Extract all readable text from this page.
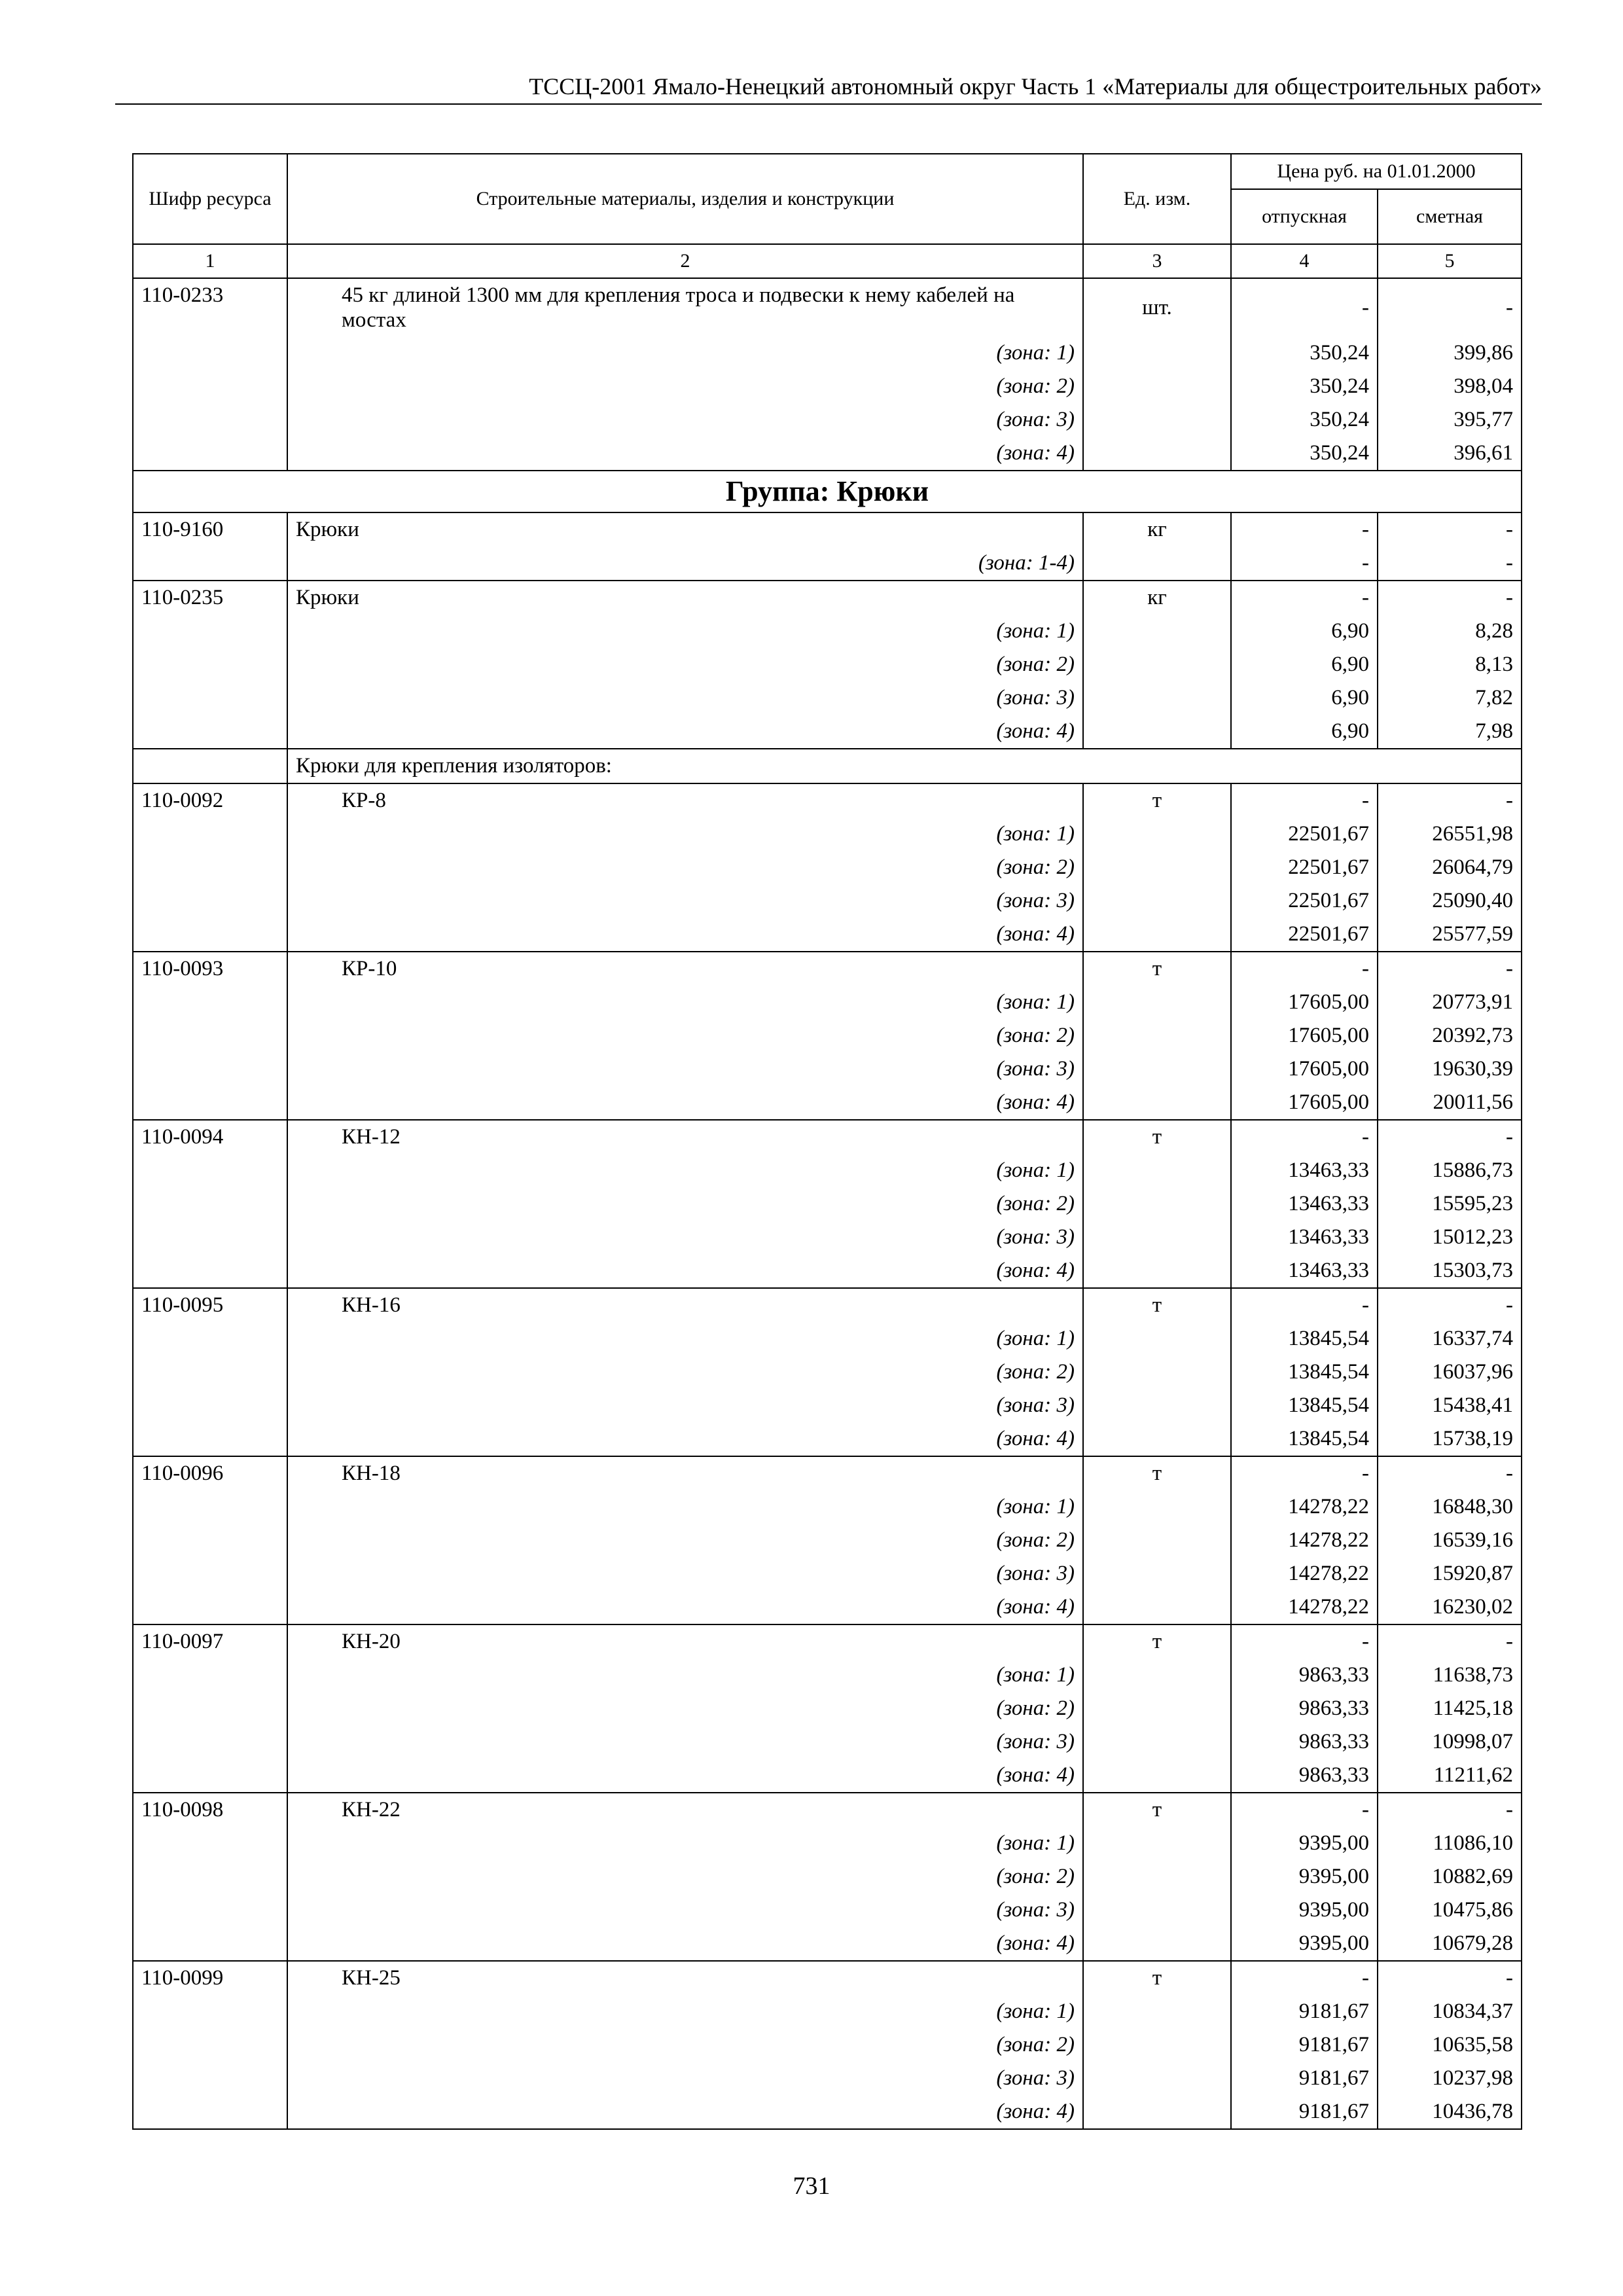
ТССЦ-2001 Ямало-Ненецкий автономный округ Часть 1 «Материалы для общестроительных работ»
Шифр ресурса	Строительные материалы, изделия и конструкции	Ед. изм.	Цена руб. на 01.01.2000	
			отпускная	сметная
1	2	3	4	5
110-0233	45 кг длиной 1300 мм для крепления троса и подвески к нему кабелей на мостах	шт.	-	-
	(зона: 1)		350,24	399,86
	(зона: 2)		350,24	398,04
	(зона: 3)		350,24	395,77
	(зона: 4)		350,24	396,61
Группа: Крюки				
110-9160	Крюки	кг	-	-
	(зона: 1-4)		-	-
110-0235	Крюки	кг	-	-
	(зона: 1)		6,90	8,28
	(зона: 2)		6,90	8,13
	(зона: 3)		6,90	7,82
	(зона: 4)		6,90	7,98
	Крюки для крепления изоляторов:			
110-0092	КР-8	т	-	-
	(зона: 1)		22501,67	26551,98
	(зона: 2)		22501,67	26064,79
	(зона: 3)		22501,67	25090,40
	(зона: 4)		22501,67	25577,59
110-0093	КР-10	т	-	-
	(зона: 1)		17605,00	20773,91
	(зона: 2)		17605,00	20392,73
	(зона: 3)		17605,00	19630,39
	(зона: 4)		17605,00	20011,56
110-0094	КН-12	т	-	-
	(зона: 1)		13463,33	15886,73
	(зона: 2)		13463,33	15595,23
	(зона: 3)		13463,33	15012,23
	(зона: 4)		13463,33	15303,73
110-0095	КН-16	т	-	-
	(зона: 1)		13845,54	16337,74
	(зона: 2)		13845,54	16037,96
	(зона: 3)		13845,54	15438,41
	(зона: 4)		13845,54	15738,19
110-0096	КН-18	т	-	-
	(зона: 1)		14278,22	16848,30
	(зона: 2)		14278,22	16539,16
	(зона: 3)		14278,22	15920,87
	(зона: 4)		14278,22	16230,02
110-0097	КН-20	т	-	-
	(зона: 1)		9863,33	11638,73
	(зона: 2)		9863,33	11425,18
	(зона: 3)		9863,33	10998,07
	(зона: 4)		9863,33	11211,62
110-0098	КН-22	т	-	-
	(зона: 1)		9395,00	11086,10
	(зона: 2)		9395,00	10882,69
	(зона: 3)		9395,00	10475,86
	(зона: 4)		9395,00	10679,28
110-0099	КН-25	т	-	-
	(зона: 1)		9181,67	10834,37
	(зона: 2)		9181,67	10635,58
	(зона: 3)		9181,67	10237,98
	(зона: 4)		9181,67	10436,78
731
